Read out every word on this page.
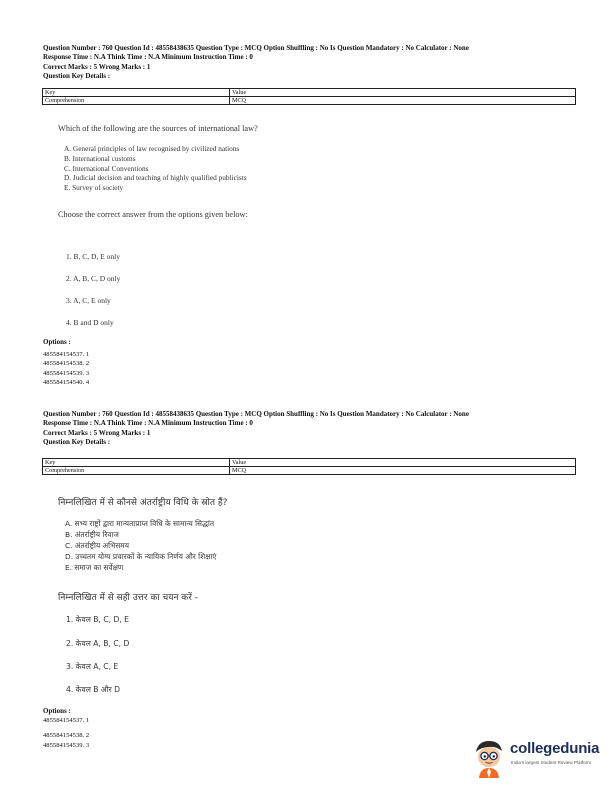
Question Number : 760 Question Id : 48558438635 Question Type : MCQ Option Shuffling : No Is Question Mandatory : No Calculator : None
Response Time : N.A Think Time : N.A Minimum Instruction Time : 0
Correct Marks : 5 Wrong Marks : 1
Question Key Details :
Key	Value
Comprehension	MCQ
Which of the following are the sources of international law?
A. General principles of law recognised by civilized nations
B. International customs
C. International Conventions
D. Judicial decision and teaching of highly qualified publicists
E. Survey of society
Choose the correct answer from the options given below:
1. B, C, D, E only
2. A, B, C, D only
3. A, C, E only
4. B and D only
Options :
485584154537. 1
485584154538. 2
485584154539. 3
485584154540. 4
Question Number : 760 Question Id : 48558438635 Question Type : MCQ Option Shuffling : No Is Question Mandatory : No Calculator : None
Response Time : N.A Think Time : N.A Minimum Instruction Time : 0
Correct Marks : 5 Wrong Marks : 1
Question Key Details :
Key	Value
Comprehension	MCQ
निम्नलिखित में से कौनसे अंतर्राष्ट्रीय विधि के स्रोत हैं?
A. सभ्य राष्ट्रों द्वारा मान्यताप्राप्त विधि के सामान्य सिद्धांत
B. अंतर्राष्ट्रीय रिवाज
C. अंतर्राष्ट्रीय अभिसमय
D. उच्चतम योग्य प्रचारकों के न्यायिक निर्णय और शिक्षाएं
E. समाज का सर्वेक्षण
निम्नलिखित में से सही उत्तर का चयन करें -
1. केवल B, C, D, E
2. केवल A, B, C, D
3. केवल A, C, E
4. केवल B और D
Options :
485584154537. 1
485584154538. 2
485584154539. 3	collegedunia
India's largest Student Review Platform
